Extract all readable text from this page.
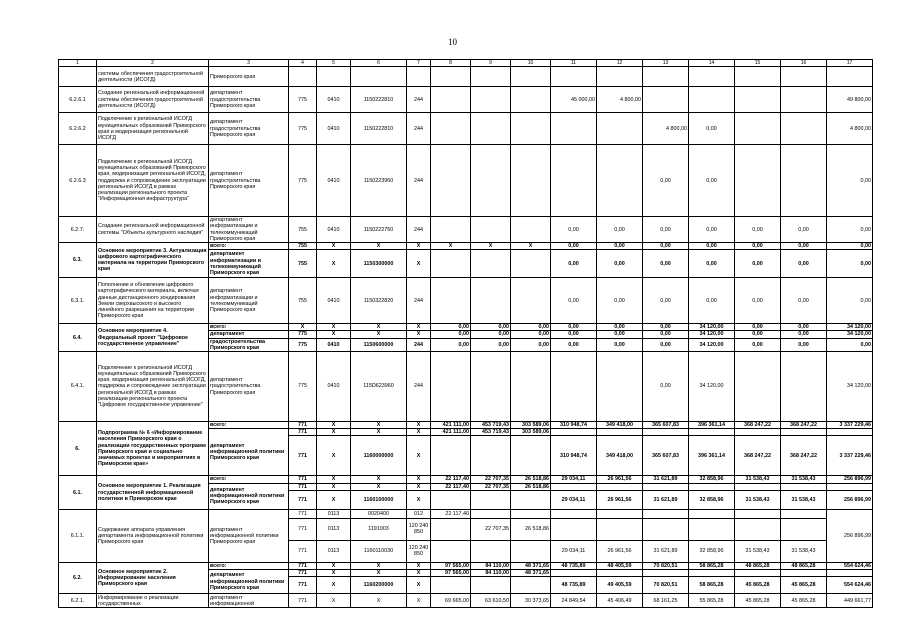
10
1	2	3	4	5	6	7	8	9	10	11	12	13	14	15	16	17
	системы обеспечения градостроительной деятельности (ИСОГД)	Приморского края														
6.2.6.1	Создание региональной информационной системы обеспечения градостроительной деятельности (ИСОГД)	департамент градостроительства Приморского края	775	0410	1150222810	244				45 000,00	4 800,00					49 800,00
6.2.6.2	Подключение к региональной ИСОГД муниципальных образований Приморского края и модернизация региональной ИСОГД	департамент градостроительства Приморского края	775	0410	1150222810	244						4 800,00	0,00			4 800,00
6.2.6.3	Подключение к региональной ИСОГД муниципальных образований Приморского края, модернизация региональной ИСОГД, поддержка и сопровождение эксплуатации региональной ИСОГД в рамках реализации регионального проекта "Информационная инфраструктура"	департамент градостроительства Приморского края	775	0410	1150223960	244						0,00	0,00			0,00
6.2.7.	Создание региональной информационной системы "Объекты культурного наследия"	департамент информатизации и телекоммуникаций Приморского края	755	0410	1150222750	244				0,00	0,00	0,00	0,00	0,00	0,00	0,00
6.3.	Основное мероприятие 3. Актуализация цифрового картографического материала на территории Приморского края	всего:	755	X	X	X	X	X	X	0,00	0,00	0,00	0,00	0,00	0,00	0,00
		департамент информатизации и телекоммуникаций Приморского края	755	X	1150300000	X				0,00	0,00	0,00	0,00	0,00	0,00	0,00
6.3.1.	Пополнение и обновление цифрового картографического материала, включая данные дистанционного зондирования Земли сверхвысокого и высокого линейного разрешения на территории Приморского края	департамент информатизации и телекоммуникаций Приморского края	755	0410	1150322820	244				0,00	0,00	0,00	0,00	0,00	0,00	0,00
6.4.	Основное мероприятие 4. Федеральный проект "Цифровое государственное управление"	всего:	X	X	X	X	0,00	0,00	0,00	0,00	0,00	0,00	34 120,00	0,00	0,00	34 120,00
		департамент	775	X	X	X	0,00	0,00	0,00	0,00	0,00	0,00	34 120,00	0,00	0,00	34 120,00
		градостроительства Приморского края	775	0410	1150600000	244	0,00	0,00	0,00	0,00	0,00	0,00	34 120,00	0,00	0,00	0,00
6.4.1.	Подключение к региональной ИСОГД муниципальных образований Приморского края, модернизация региональной ИСОГД, поддержка и сопровождение эксплуатации региональной ИСОГД в рамках реализации регионального проекта "Цифровое государственное управление"	департамент градостроительства Приморского края	775	0410	115D623960	244						0,00	34 120,00			34 120,00
6.	Подпрограмма № 6 «Информирование населения Приморского края о реализации государственных программ Приморского края и социально значимых проектах и мероприятиях в Приморском крае»	всего:	771	X	X	X	421 111,00	453 719,43	303 589,06	310 948,74	349 418,00	365 607,83	396 361,14	368 247,22	368 247,22	3 337 229,46
		департамент информационной политики Приморского края	771	X	X	X	421 111,00	453 719,43	303 589,06							
			771	X	1160000000	X				310 948,74	349 418,00	365 607,83	396 361,14	368 247,22	368 247,22	3 337 229,46
6.1.	Основное мероприятие 1. Реализация государственной информационной политики в Приморском крае	всего:	771	X	X	X	22 117,40	22 707,35	26 518,86	29 034,11	26 961,56	31 621,89	32 858,96	31 538,43	31 538,43	256 896,99
		департамент информационной политики Приморского края	771	X	X	X	22 117,40	22 707,35	26 518,86							
			771	X	1160100000	X				29 034,11	26 961,56	31 621,89	32 858,96	31 538,43	31 538,43	256 896,99
6.1.1.	Содержание аппарата управления департамента информационной политики Приморского края	департамент информационной политики Приморского края	771	0113	0020400	012	22 117,40									256 896,99
			771	0113	1191003	120 240 850		22 707,35	26 518,86							
			771	0113	1160110030	120 240 850				29 034,11	26 961,56	31 621,89	32 858,96	31 538,43	31 538,43	
6.2.	Основное мероприятие 2. Информирование населения Приморского края	всего:	771	X	X	X	97 565,00	84 110,00	48 371,65	48 735,89	48 405,59	70 820,51	58 865,28	48 865,28	48 865,28	554 624,46
		департамент информационной политики Приморского края	771	X	X	X	97 565,00	84 110,00	48 371,65							
			771	X	1160200000	X				48 735,89	49 405,59	70 820,51	58 865,28	45 865,28	45 865,28	554 624,46
6.2.1.	Информирование о реализации государственных	департамент информационной	771	X	X	X	69 665,00	63 610,50	30 373,65	24 849,54	45 406,49	68 161,25	55 865,28	45 865,28	45 865,28	449 661,77
